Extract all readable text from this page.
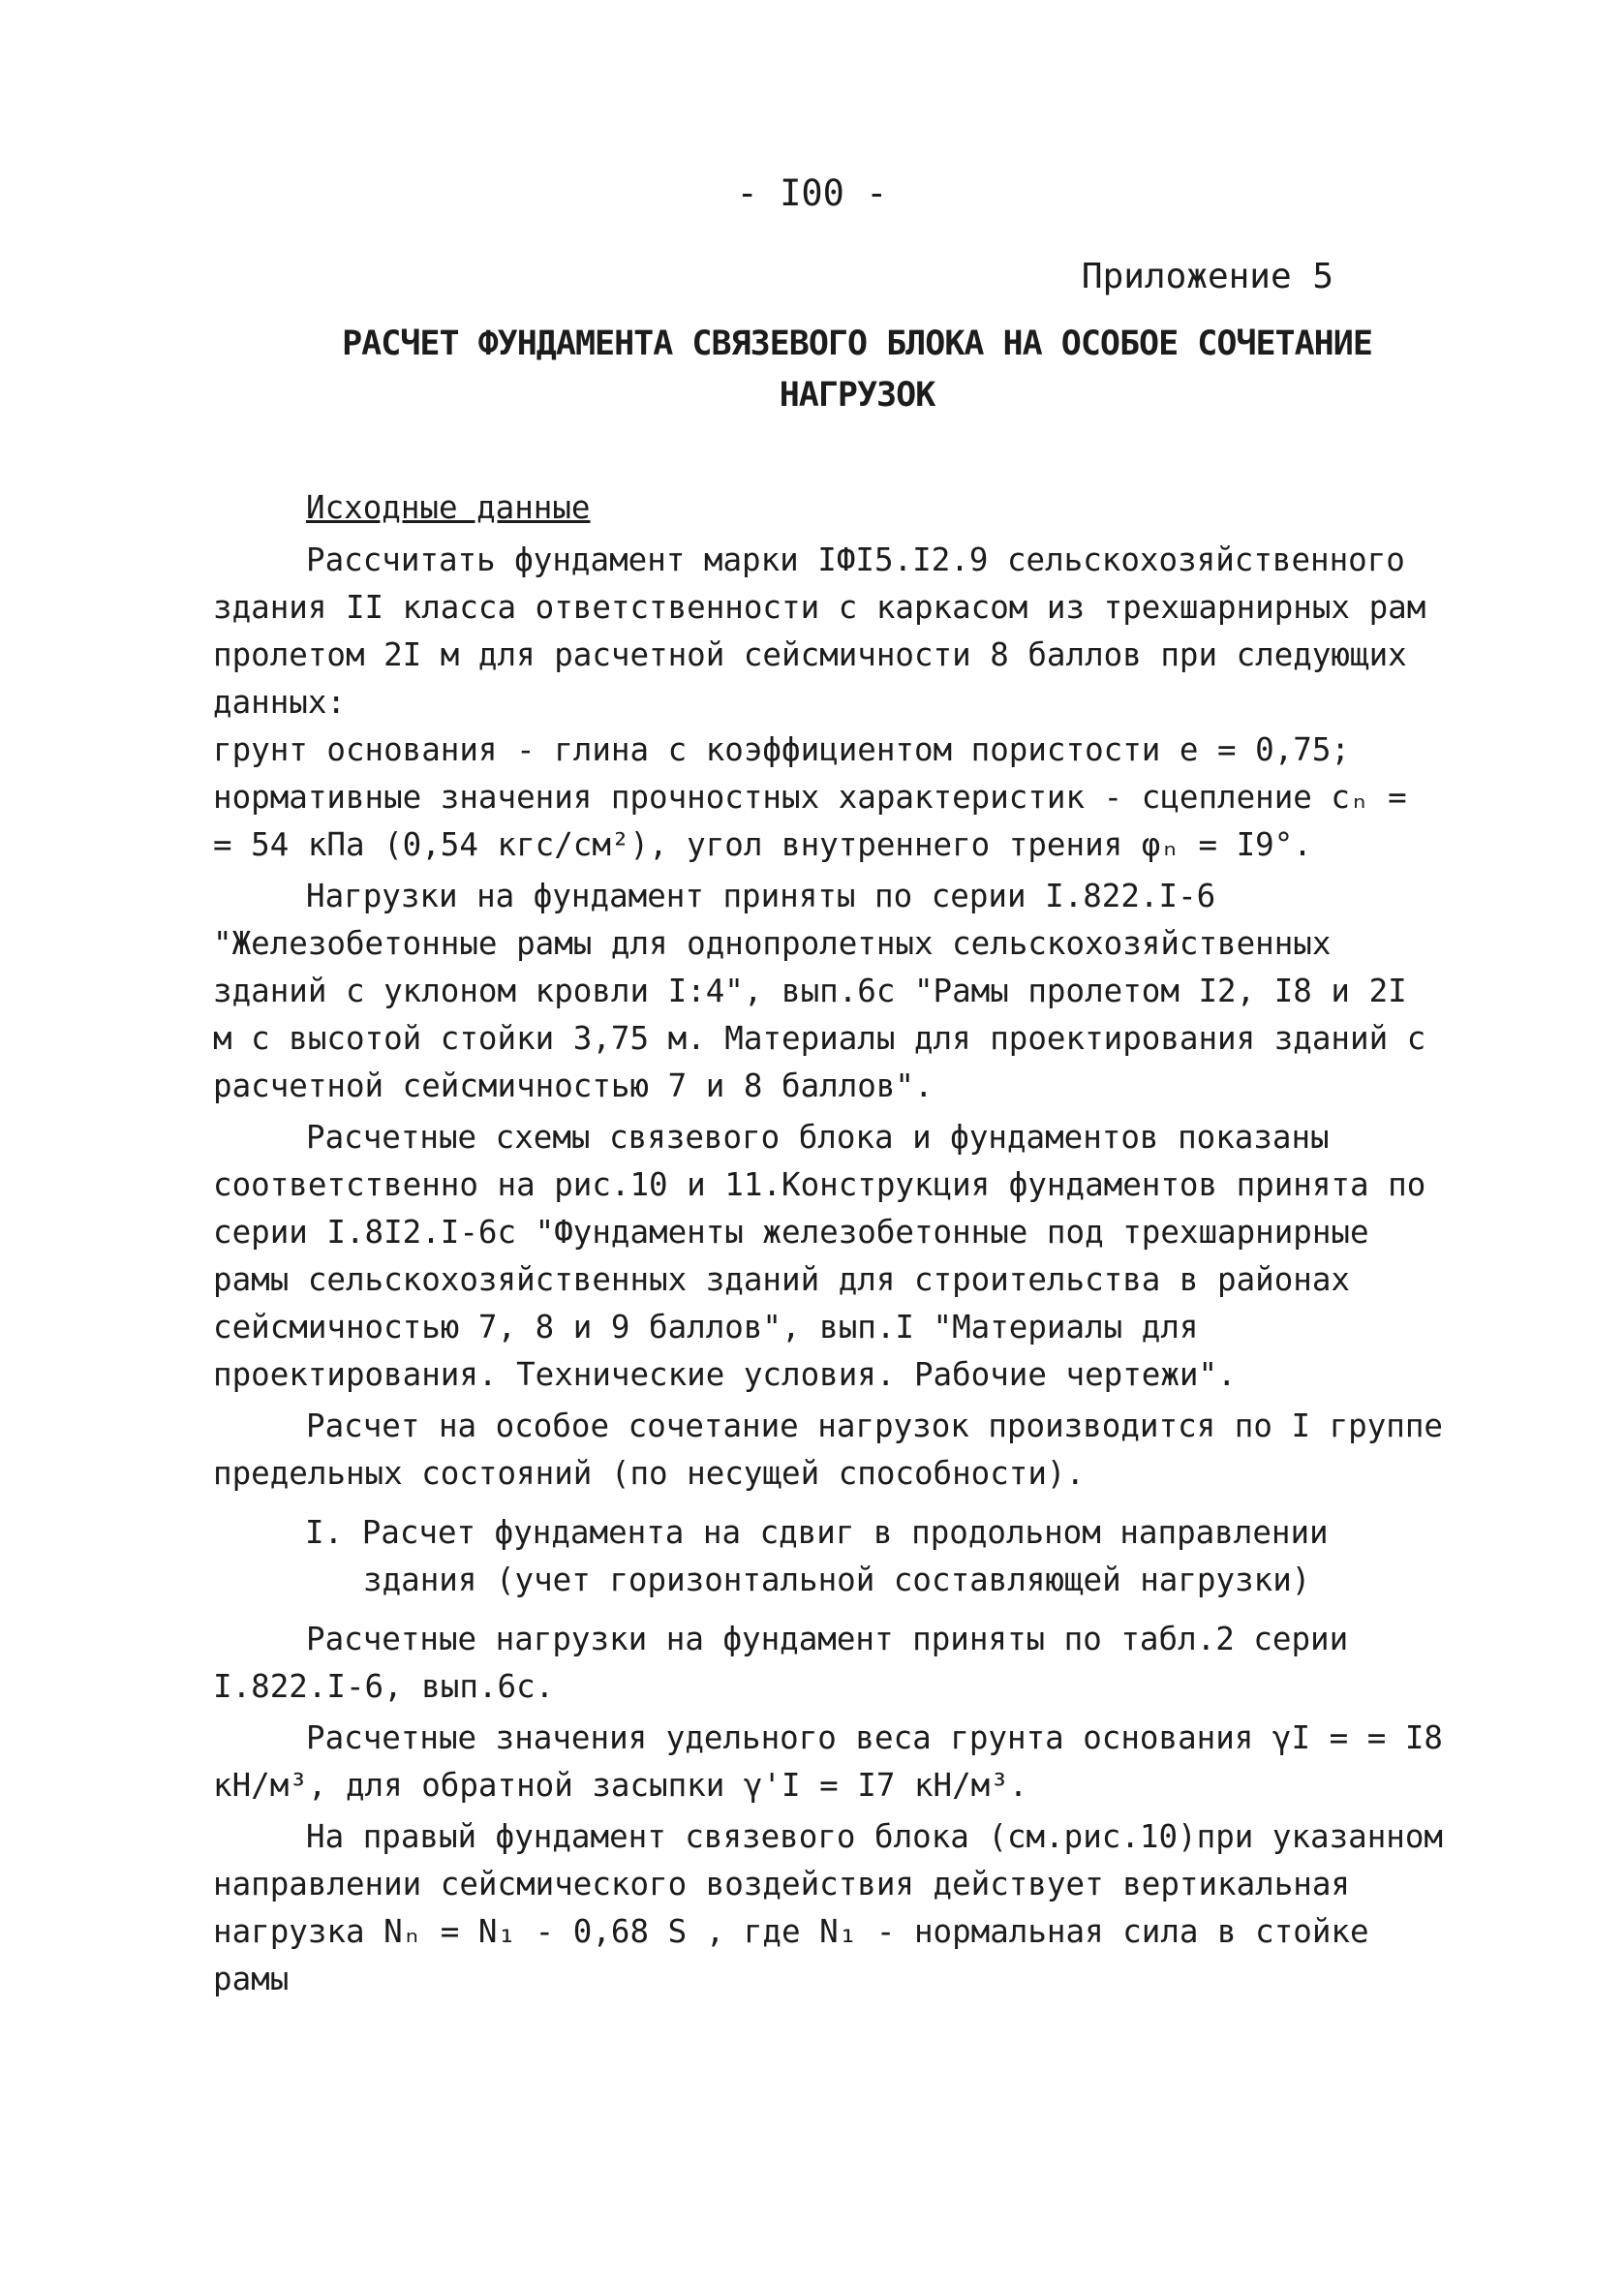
- I00 -
Приложение 5
РАСЧЕТ ФУНДАМЕНТА СВЯЗЕВОГО БЛОКА НА ОСОБОЕ СОЧЕТАНИЕ
НАГРУЗОК

Исходные данные

Рассчитать фундамент марки IФI5.I2.9 сельскохозяйственного здания II класса ответственности с каркасом из трехшарнирных рам пролетом 2I м для расчетной сейсмичности 8 баллов при следующих данных:

грунт основания - глина с коэффициентом пористости e = 0,75;

нормативные значения прочностных характеристик - сцепление cₙ = = 54 кПа (0,54 кгс/см²), угол внутреннего трения φₙ = I9°.

Нагрузки на фундамент приняты по серии I.822.I-6 "Железобетонные рамы для однопролетных сельскохозяйственных зданий с уклоном кровли I:4", вып.6с "Рамы пролетом I2, I8 и 2I м с высотой стойки 3,75 м. Материалы для проектирования зданий с расчетной сейсмичностью 7 и 8 баллов".

Расчетные схемы связевого блока и фундаментов показаны соответственно на рис.10 и 11.Конструкция фундаментов принята по серии I.8I2.I-6с "Фундаменты железобетонные под трехшарнирные рамы сельскохозяйственных зданий для строительства в районах сейсмичностью 7, 8 и 9 баллов", вып.I "Материалы для проектирования. Технические условия. Рабочие чертежи".

Расчет на особое сочетание нагрузок производится по I группе предельных состояний (по несущей способности).

I. Расчет фундамента на сдвиг в продольном направлении здания (учет горизонтальной составляющей нагрузки)

Расчетные нагрузки на фундамент приняты по табл.2 серии I.822.I-6, вып.6с.

Расчетные значения удельного веса грунта основания γI = = I8 кН/м³, для обратной засыпки γ'I = I7 кН/м³.

На правый фундамент связевого блока (см.рис.10)при указанном направлении сейсмического воздействия действует вертикальная нагрузка Nₙ = N₁ - 0,68 S , где N₁ - нормальная сила в стойке рамы
